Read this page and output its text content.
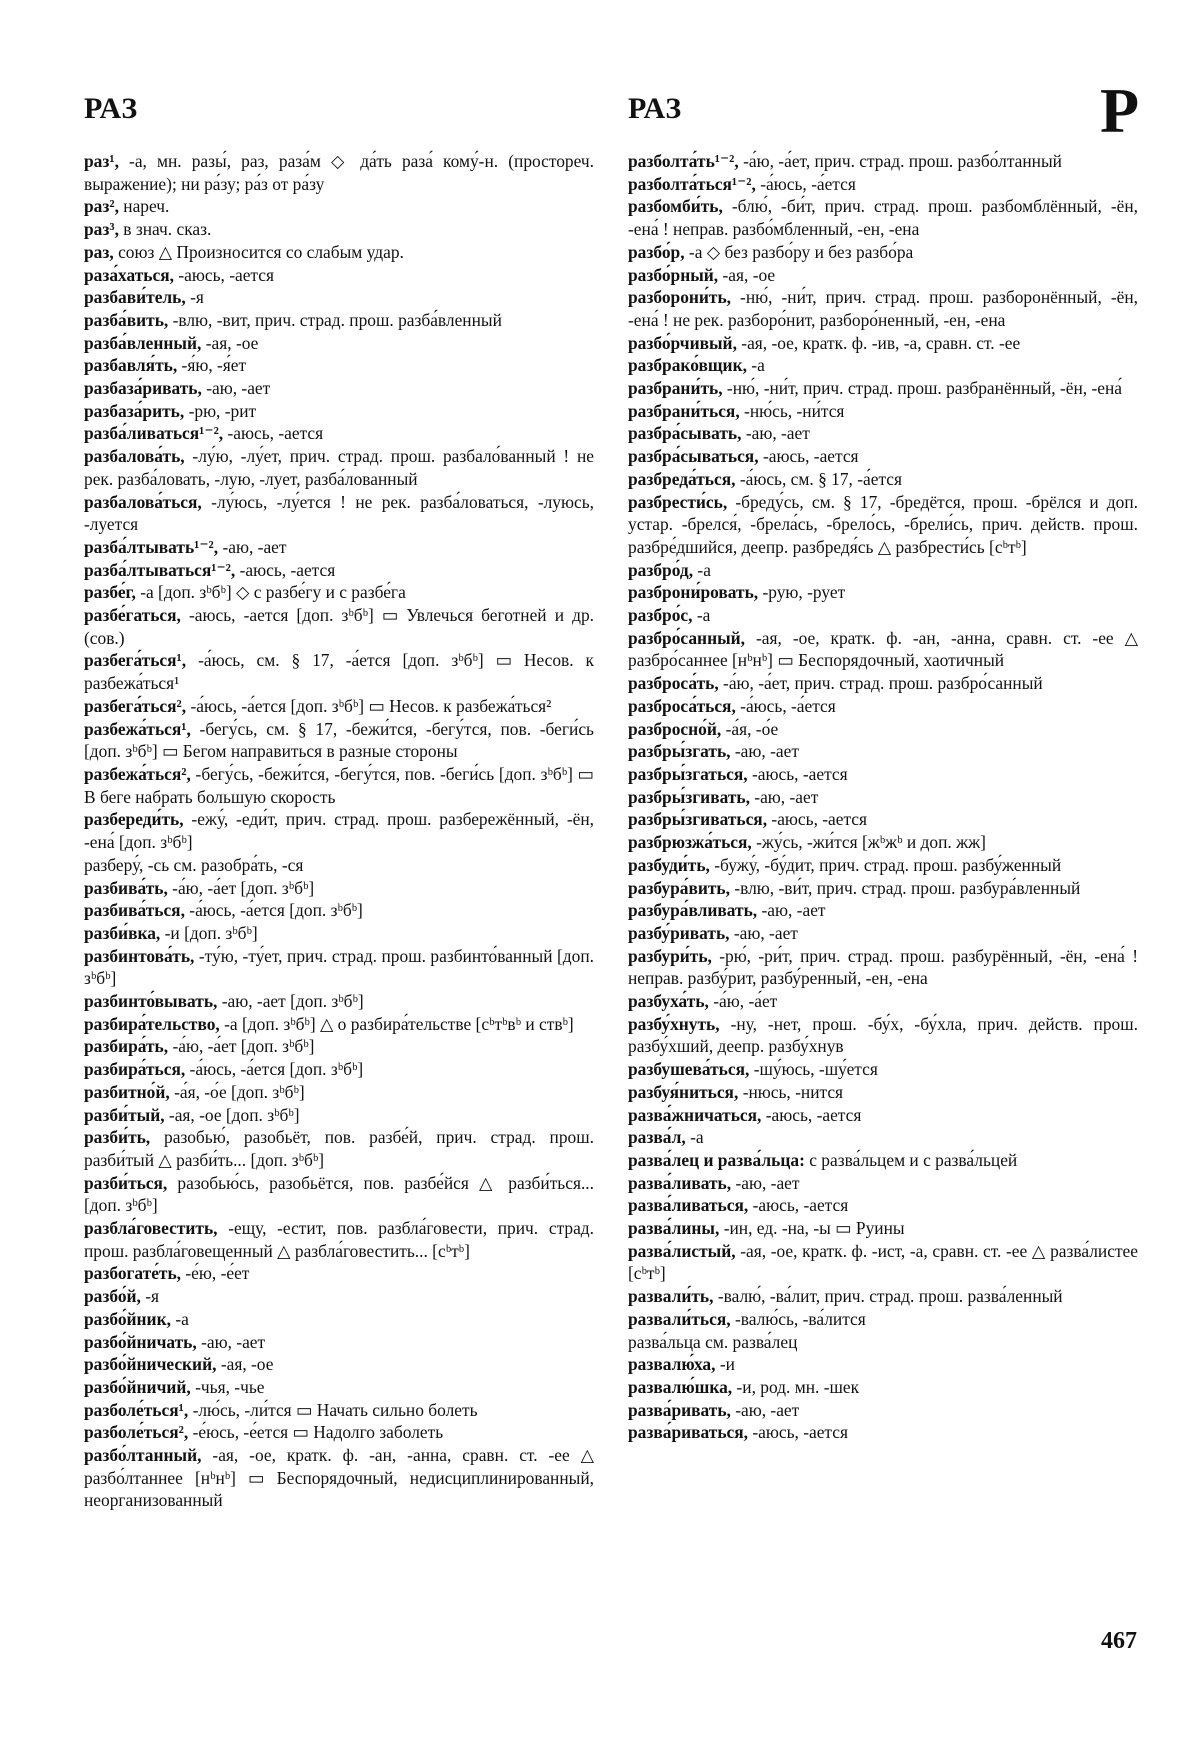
РАЗ	РАЗ	Р
раз¹, -а, мн. разы́, раз, раза́м ◇ да́ть раза́ кому́-н. (простореч. выражение); ни ра́зу; ра́з от ра́зу
раз², нареч.
раз³, в знач. сказ.
раз, союз △ Произносится со слабым удар.
раза́хаться, -аюсь, -ается
разбави́тель, -я
разба́вить, -влю, -вит, прич. страд. прош. разба́вленный
разба́вленный, -ая, -ое
разбавля́ть, -я́ю, -я́ет
разбаза́ривать, -аю, -ает
разбаза́рить, -рю, -рит
разба́ливаться¹⁻², -аюсь, -ается
разбалова́ть, -лу́ю, -лу́ет, прич. страд. прош. разбало́ванный ! не рек. разба́ловать, -лую, -лует, разба́лованный
разбалова́ться, -лу́юсь, -лу́ется ! не рек. разба́ловаться, -луюсь, -луется
разба́лтывать¹⁻², -аю, -ает
разба́лтываться¹⁻², -аюсь, -ается
разбе́г, -а [доп. зᵇбᵇ] ◇ с разбе́гу и с разбе́га
разбе́гаться, -аюсь, -ается [доп. зᵇбᵇ] ▭ Увлечься беготней и др. (сов.)
разбега́ться¹, -а́юсь, см. § 17, -а́ется [доп. зᵇбᵇ] ▭ Несов. к разбежа́ться¹
разбега́ться², -а́юсь, -а́ется [доп. зᵇбᵇ] ▭ Несов. к разбежа́ться²
разбежа́ться¹, -бегу́сь, см. § 17, -бежи́тся, -бегу́тся, пов. -беги́сь [доп. зᵇбᵇ] ▭ Бегом направиться в разные стороны
разбежа́ться², -бегу́сь, -бежи́тся, -бегу́тся, пов. -беги́сь [доп. зᵇбᵇ] ▭ В беге набрать большую скорость
разбереди́ть, -ежу́, -еди́т, прич. страд. прош. разбережённый, -ён, -ена́ [доп. зᵇбᵇ]
разберу́, -сь см. разобра́ть, -ся
разбива́ть, -а́ю, -а́ет [доп. зᵇбᵇ]
разбива́ться, -а́юсь, -а́ется [доп. зᵇбᵇ]
разби́вка, -и [доп. зᵇбᵇ]
разбинтова́ть, -ту́ю, -ту́ет, прич. страд. прош. разбинто́ванный [доп. зᵇбᵇ]
разбинто́вывать, -аю, -ает [доп. зᵇбᵇ]
разбира́тельство, -а [доп. зᵇбᵇ] △ о разбира́тельстве [cᵇтᵇвᵇ и ствᵇ]
разбира́ть, -а́ю, -а́ет [доп. зᵇбᵇ]
разбира́ться, -а́юсь, -а́ется [доп. зᵇбᵇ]
разбитно́й, -а́я, -о́е [доп. зᵇбᵇ]
разби́тый, -ая, -ое [доп. зᵇбᵇ]
разби́ть, разобью́, разобьёт, пов. разбе́й, прич. страд. прош. разби́тый △ разби́ть... [доп. зᵇбᵇ]
разби́ться, разобью́сь, разобьётся, пов. разбе́йся △ разби́ться... [доп. зᵇбᵇ]
разбла́говестить, -ещу, -естит, пов. разбла́говести, прич. страд. прош. разбла́говещенный △ разбла́говестить... [cᵇтᵇ]
разбогате́ть, -е́ю, -е́ет
разбо́й, -я
разбо́йник, -а
разбо́йничать, -аю, -ает
разбо́йнический, -ая, -ое
разбо́йничий, -чья, -чье
разболе́ться¹, -лю́сь, -ли́тся ▭ Начать сильно болеть
разболе́ться², -е́юсь, -е́ется ▭ Надолго заболеть
разбо́лтанный, -ая, -ое, кратк. ф. -ан, -анна, сравн. ст. -ее △ разбо́лтаннее [нᵇнᵇ] ▭ Беспорядочный, недисциплинированный, неорганизованный
разболта́ть¹⁻², -а́ю, -а́ет, прич. страд. прош. разбо́лтанный
разболта́ться¹⁻², -а́юсь, -а́ется
разбомби́ть, -блю́, -би́т, прич. страд. прош. разбомблённый, -ён, -ена́ ! неправ. разбо́мбленный, -ен, -ена
разбо́р, -а ◇ без разбо́ру и без разбо́ра
разбо́рный, -ая, -ое
разборони́ть, -ню́, -ни́т, прич. страд. прош. разборонённый, -ён, -ена́ ! не рек. разборо́нит, разборо́ненный, -ен, -ена
разбо́рчивый, -ая, -ое, кратк. ф. -ив, -а, сравн. ст. -ее
разбрако́вщик, -а
разбрани́ть, -ню́, -ни́т, прич. страд. прош. разбранённый, -ён, -ена́
разбрани́ться, -ню́сь, -ни́тся
разбра́сывать, -аю, -ает
разбра́сываться, -аюсь, -ается
разбреда́ться, -а́юсь, см. § 17, -а́ется
разбрести́сь, -бреду́сь, см. § 17, -бредётся, прош. -брёлся и доп. устар. -брелся́, -брела́сь, -брело́сь, -брели́сь, прич. действ. прош. разбре́дшийся, деепр. разбредя́сь △ разбрести́сь [cᵇтᵇ]
разбро́д, -а
разброни́ровать, -рую, -рует
разбро́с, -а
разбро́санный, -ая, -ое, кратк. ф. -ан, -анна, сравн. ст. -ее △ разбро́саннее [нᵇнᵇ] ▭ Беспорядочный, хаотичный
разброса́ть, -а́ю, -а́ет, прич. страд. прош. разбро́санный
разброса́ться, -а́юсь, -а́ется
разбросно́й, -а́я, -о́е
разбры́згать, -аю, -ает
разбры́згаться, -аюсь, -ается
разбры́згивать, -аю, -ает
разбры́згиваться, -аюсь, -ается
разбрюзжа́ться, -жу́сь, -жи́тся [жᵇжᵇ и доп. жж]
разбуди́ть, -бужу́, -бу́дит, прич. страд. прош. разбу́женный
разбура́вить, -влю, -ви́т, прич. страд. прош. разбура́вленный
разбура́вливать, -аю, -ает
разбу́ривать, -аю, -ает
разбури́ть, -рю́, -ри́т, прич. страд. прош. разбурённый, -ён, -ена́ ! неправ. разбу́рит, разбу́ренный, -ен, -ена
разбуха́ть, -а́ю, -а́ет
разбу́хнуть, -ну, -нет, прош. -бу́х, -бу́хла, прич. действ. прош. разбу́хший, деепр. разбу́хнув
разбушева́ться, -шу́юсь, -шу́ется
разбуя́ниться, -нюсь, -нится
разва́жничаться, -аюсь, -ается
разва́л, -а
разва́лец и разва́льца: с разва́льцем и с разва́льцей
разва́ливать, -аю, -ает
разва́ливаться, -аюсь, -ается
разва́лины, -ин, ед. -на, -ы ▭ Руины
разва́листый, -ая, -ое, кратк. ф. -ист, -а, сравн. ст. -ее △ разва́листее [cᵇтᵇ]
развали́ть, -валю́, -ва́лит, прич. страд. прош. разва́ленный
развали́ться, -валю́сь, -ва́лится
разва́льца см. разва́лец
развалю́ха, -и
развалю́шка, -и, род. мн. -шек
разва́ривать, -аю, -ает
разва́риваться, -аюсь, -ается
467
